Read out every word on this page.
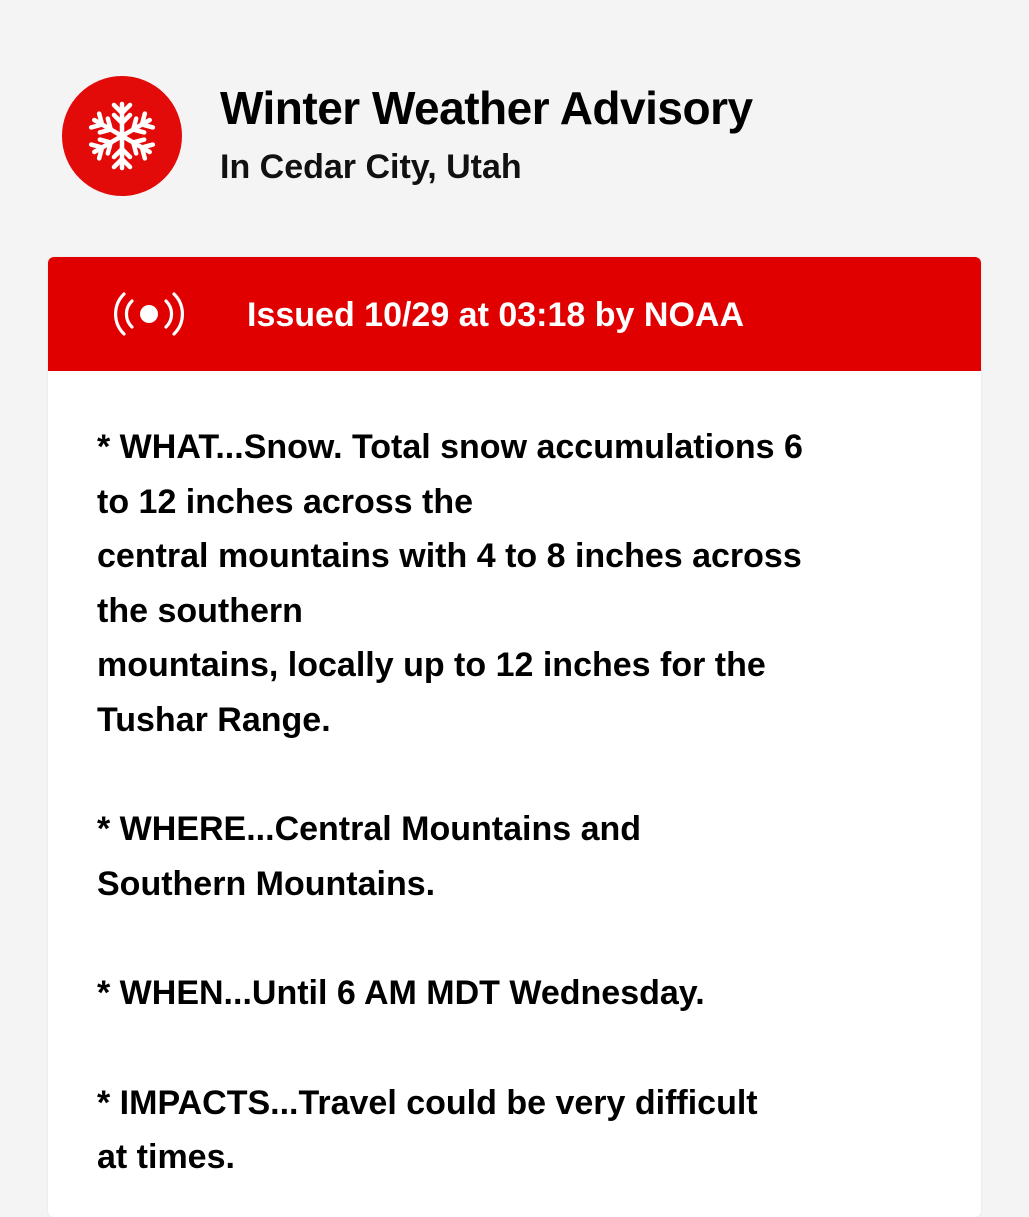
Winter Weather Advisory
In Cedar City, Utah
Issued 10/29 at 03:18 by NOAA
* WHAT...Snow. Total snow accumulations 6
to 12 inches across the
central mountains with 4 to 8 inches across
the southern
mountains, locally up to 12 inches for the
Tushar Range.
* WHERE...Central Mountains and
Southern Mountains.
* WHEN...Until 6 AM MDT Wednesday.
* IMPACTS...Travel could be very difficult
at times.
